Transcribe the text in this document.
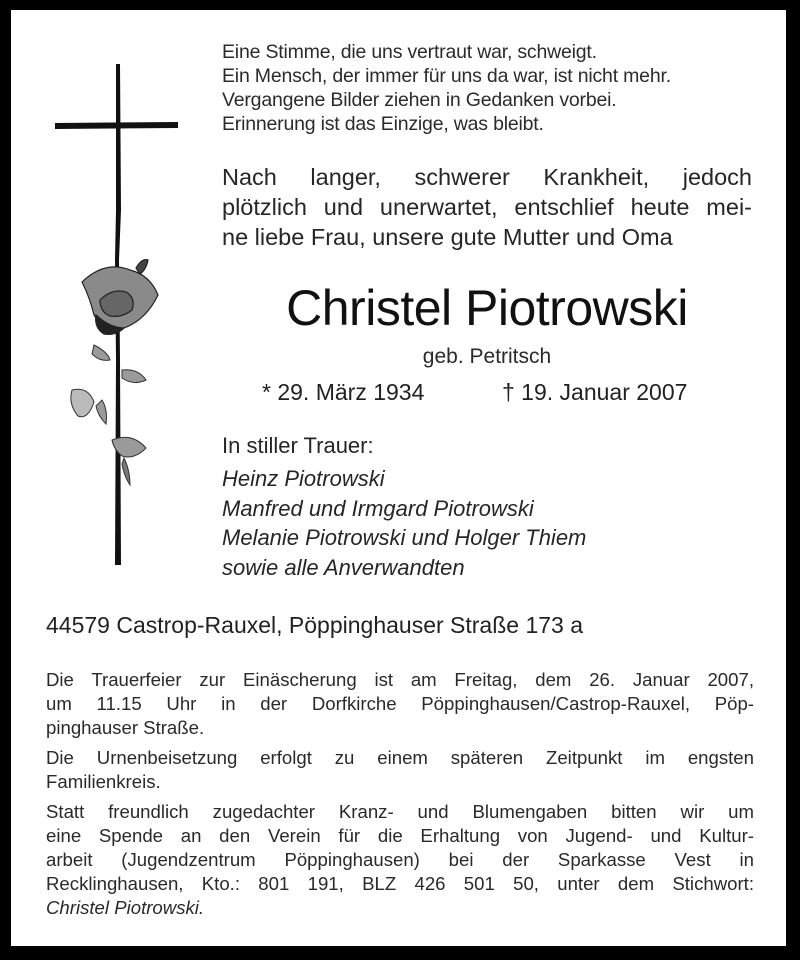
Eine Stimme, die uns vertraut war, schweigt.
Ein Mensch, der immer für uns da war, ist nicht mehr.
Vergangene Bilder ziehen in Gedanken vorbei.
Erinnerung ist das Einzige, was bleibt.
Nach langer, schwerer Krankheit, jedoch
plötzlich und unerwartet, entschlief heute mei-
ne liebe Frau, unsere gute Mutter und Oma
Christel Piotrowski
geb. Petritsch
* 29. März 1934	† 19. Januar 2007
In stiller Trauer:
Heinz Piotrowski
Manfred und Irmgard Piotrowski
Melanie Piotrowski und Holger Thiem
sowie alle Anverwandten
44579 Castrop-Rauxel, Pöppinghauser Straße 173 a

Die Trauerfeier zur Einäscherung ist am Freitag, dem 26. Januar 2007,
um 11.15 Uhr in der Dorfkirche Pöppinghausen/Castrop-Rauxel, Pöp-
pinghauser Straße.

Die Urnenbeisetzung erfolgt zu einem späteren Zeitpunkt im engsten
Familienkreis.

Statt freundlich zugedachter Kranz- und Blumengaben bitten wir um
eine Spende an den Verein für die Erhaltung von Jugend- und Kultur-
arbeit (Jugendzentrum Pöppinghausen) bei der Sparkasse Vest in
Recklinghausen, Kto.: 801 191, BLZ 426 501 50, unter dem Stichwort:
Christel Piotrowski.
